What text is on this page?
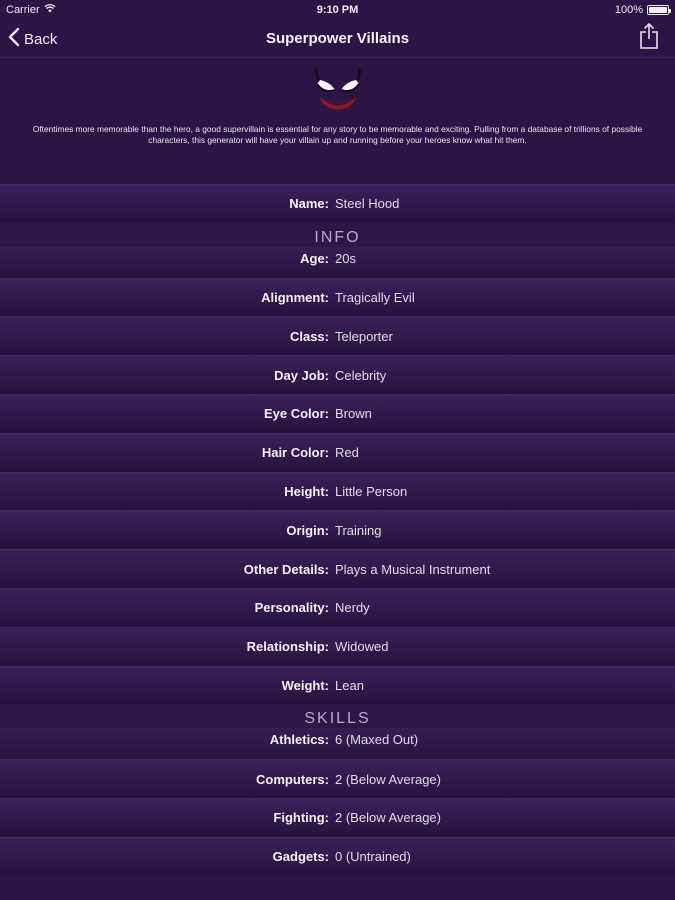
Carrier	9:10 PM	100%
Back	Superpower Villains
Oftentimes more memorable than the hero, a good supervillain is essential for any story to be memorable and exciting. Pulling from a database of trillions of possible characters, this generator will have your villain up and running before your heroes know what hit them.
Name: Steel Hood
INFO
Age: 20s
Alignment: Tragically Evil
Class: Teleporter
Day Job: Celebrity
Eye Color: Brown
Hair Color: Red
Height: Little Person
Origin: Training
Other Details: Plays a Musical Instrument
Personality: Nerdy
Relationship: Widowed
Weight: Lean
SKILLS
Athletics: 6 (Maxed Out)
Computers: 2 (Below Average)
Fighting: 2 (Below Average)
Gadgets: 0 (Untrained)
